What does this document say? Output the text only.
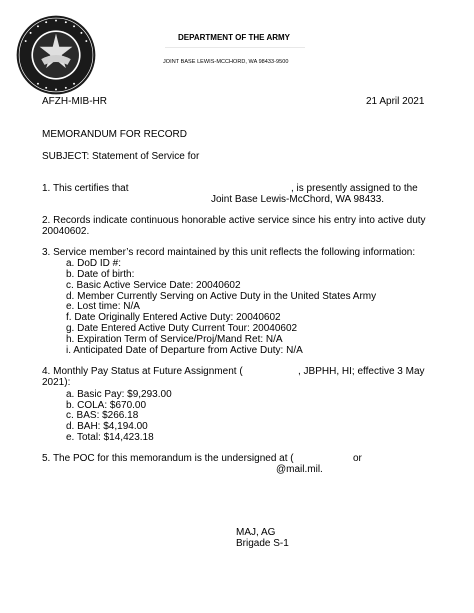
DEPARTMENT OF THE ARMY
JOINT BASE LEWIS-MCCHORD, WA 98433-9500
AFZH-MIB-HR	21 April 2021
MEMORANDUM FOR RECORD
SUBJECT: Statement of Service for
1. This certifies that	, is presently assigned to the
Joint Base Lewis-McChord, WA 98433.
2. Records indicate continuous honorable active service since his entry into active duty
20040602.
3. Service member’s record maintained by this unit reflects the following information:
a. DoD ID #:
b. Date of birth:
c. Basic Active Service Date: 20040602
d. Member Currently Serving on Active Duty in the United States Army
e. Lost time: N/A
f. Date Originally Entered Active Duty: 20040602
g. Date Entered Active Duty Current Tour: 20040602
h. Expiration Term of Service/Proj/Mand Ret: N/A
i. Anticipated Date of Departure from Active Duty: N/A
4. Monthly Pay Status at Future Assignment (	, JBPHH, HI; effective 3 May
2021):
a. Basic Pay: $9,293.00
b. COLA: $670.00
c. BAS: $266.18
d. BAH: $4,194.00
e. Total: $14,423.18
5. The POC for this memorandum is the undersigned at (	or
@mail.mil.
MAJ, AG
Brigade S-1
